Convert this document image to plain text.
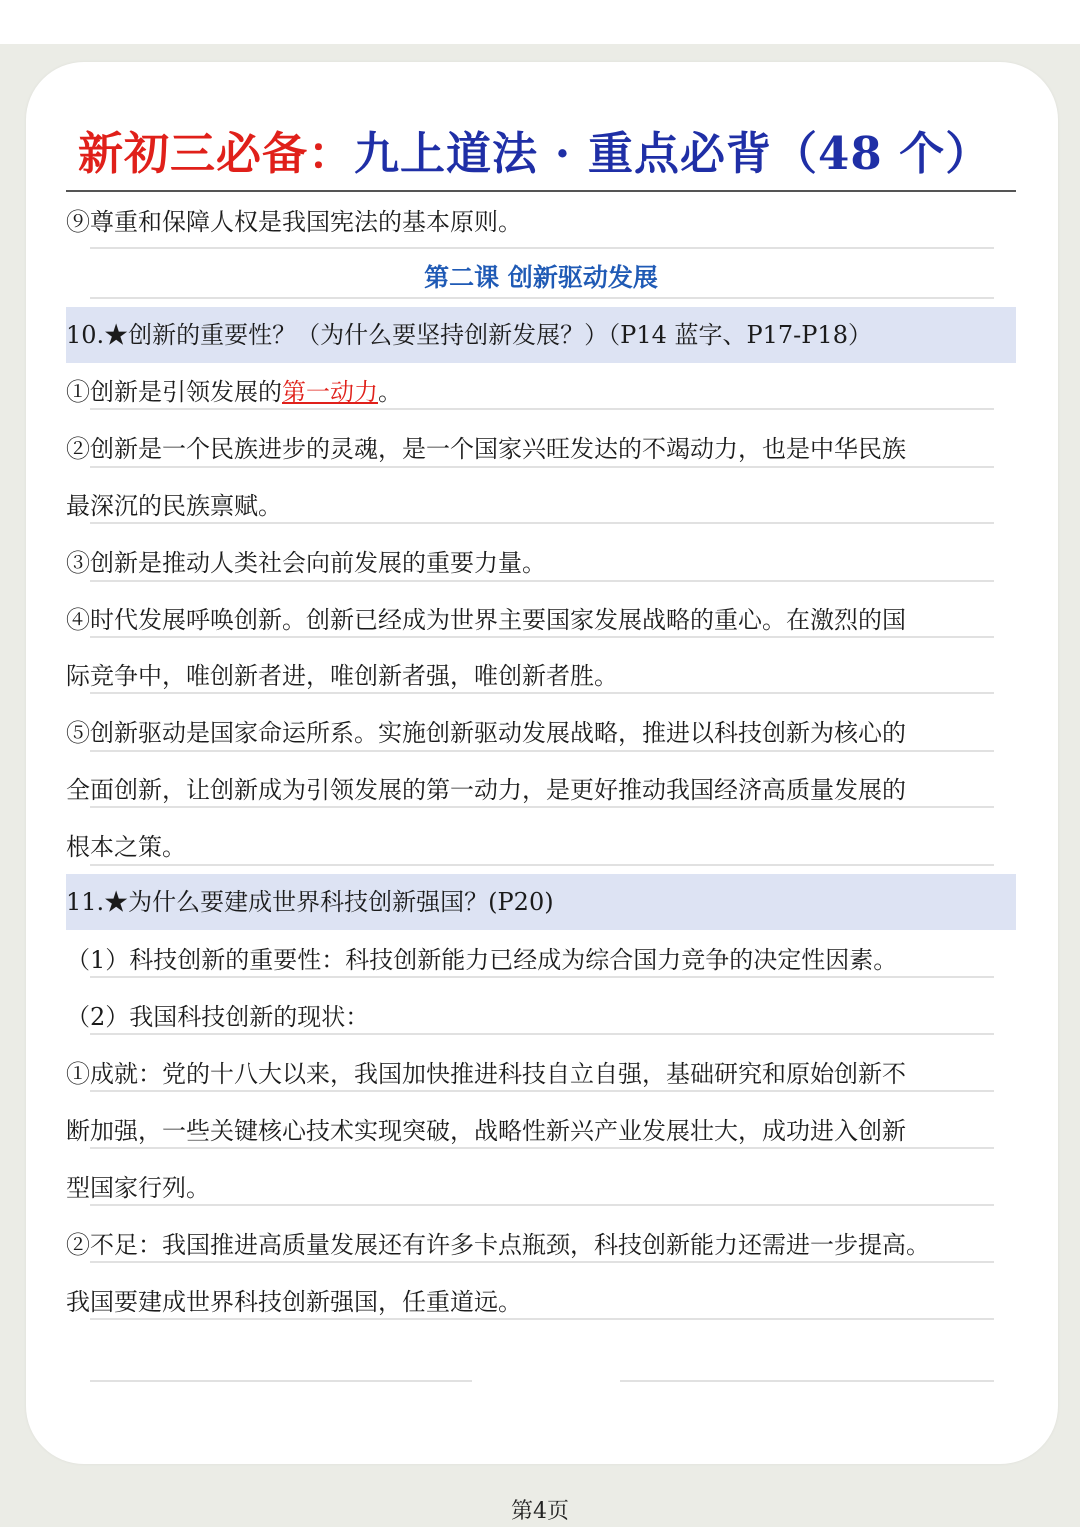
新初三必备：九上道法 · 重点必背（48 个）
⑨尊重和保障人权是我国宪法的基本原则。
第二课 创新驱动发展
10.★创新的重要性？（为什么要坚持创新发展？）（P14 蓝字、P17-P18）
①创新是引领发展的第一动力。
②创新是一个民族进步的灵魂，是一个国家兴旺发达的不竭动力，也是中华民族
最深沉的民族禀赋。
③创新是推动人类社会向前发展的重要力量。
④时代发展呼唤创新。创新已经成为世界主要国家发展战略的重心。在激烈的国
际竞争中，唯创新者进，唯创新者强，唯创新者胜。
⑤创新驱动是国家命运所系。实施创新驱动发展战略，推进以科技创新为核心的
全面创新，让创新成为引领发展的第一动力，是更好推动我国经济高质量发展的
根本之策。
11.★为什么要建成世界科技创新强国？(P20)
（1）科技创新的重要性：科技创新能力已经成为综合国力竞争的决定性因素。
（2）我国科技创新的现状：
①成就：党的十八大以来，我国加快推进科技自立自强，基础研究和原始创新不
断加强，一些关键核心技术实现突破，战略性新兴产业发展壮大，成功进入创新
型国家行列。
②不足：我国推进高质量发展还有许多卡点瓶颈，科技创新能力还需进一步提高。
我国要建成世界科技创新强国，任重道远。
第4页
